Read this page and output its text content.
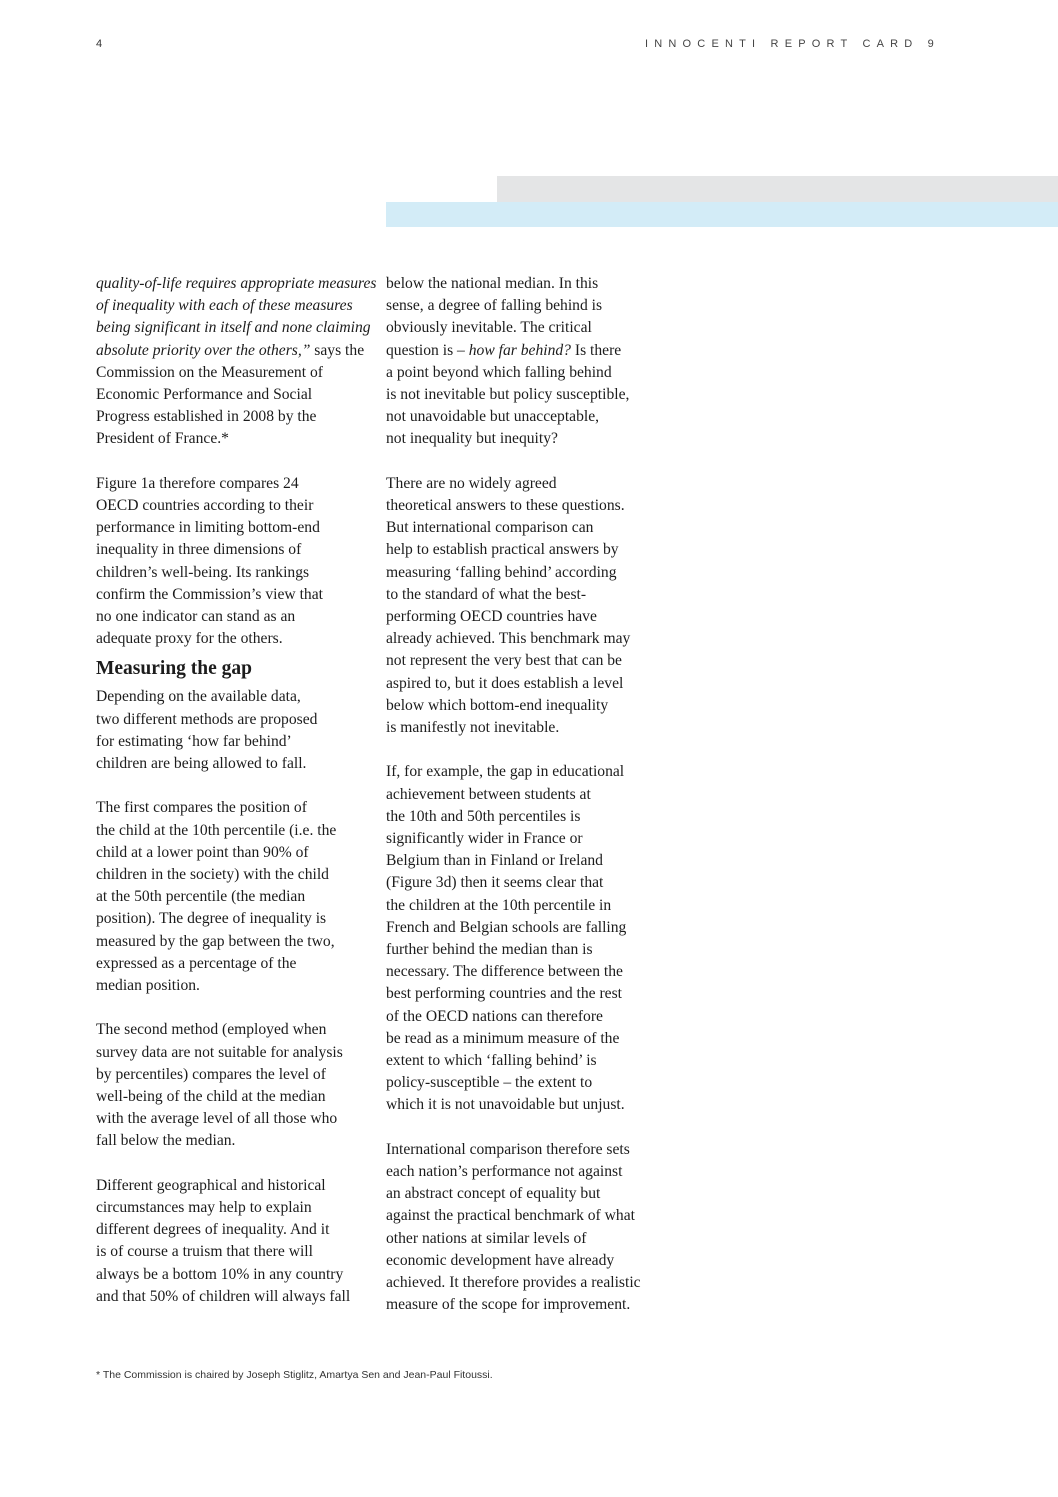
4	INNOCENTI REPORT CARD 9
quality-of-life requires appropriate measures
of inequality with each of these measures
being significant in itself and none claiming
absolute priority over the others,” says the
Commission on the Measurement of
Economic Performance and Social
Progress established in 2008 by the
President of France.*
Figure 1a therefore compares 24
OECD countries according to their
performance in limiting bottom-end
inequality in three dimensions of
children’s well-being. Its rankings
confirm the Commission’s view that
no one indicator can stand as an
adequate proxy for the others.
Measuring the gap
Depending on the available data,
two different methods are proposed
for estimating ‘how far behind’
children are being allowed to fall.
The first compares the position of
the child at the 10th percentile (i.e. the
child at a lower point than 90% of
children in the society) with the child
at the 50th percentile (the median
position). The degree of inequality is
measured by the gap between the two,
expressed as a percentage of the
median position.
The second method (employed when
survey data are not suitable for analysis
by percentiles) compares the level of
well-being of the child at the median
with the average level of all those who
fall below the median.
Different geographical and historical
circumstances may help to explain
different degrees of inequality. And it
is of course a truism that there will
always be a bottom 10% in any country
and that 50% of children will always fall
below the national median. In this
sense, a degree of falling behind is
obviously inevitable. The critical
question is – how far behind? Is there
a point beyond which falling behind
is not inevitable but policy susceptible,
not unavoidable but unacceptable,
not inequality but inequity?
There are no widely agreed
theoretical answers to these questions.
But international comparison can
help to establish practical answers by
measuring ‘falling behind’ according
to the standard of what the best-
performing OECD countries have
already achieved. This benchmark may
not represent the very best that can be
aspired to, but it does establish a level
below which bottom-end inequality
is manifestly not inevitable.
If, for example, the gap in educational
achievement between students at
the 10th and 50th percentiles is
significantly wider in France or
Belgium than in Finland or Ireland
(Figure 3d) then it seems clear that
the children at the 10th percentile in
French and Belgian schools are falling
further behind the median than is
necessary. The difference between the
best performing countries and the rest
of the OECD nations can therefore
be read as a minimum measure of the
extent to which ‘falling behind’ is
policy-susceptible – the extent to
which it is not unavoidable but unjust.
International comparison therefore sets
each nation’s performance not against
an abstract concept of equality but
against the practical benchmark of what
other nations at similar levels of
economic development have already
achieved. It therefore provides a realistic
measure of the scope for improvement.
* The Commission is chaired by Joseph Stiglitz, Amartya Sen and Jean-Paul Fitoussi.
